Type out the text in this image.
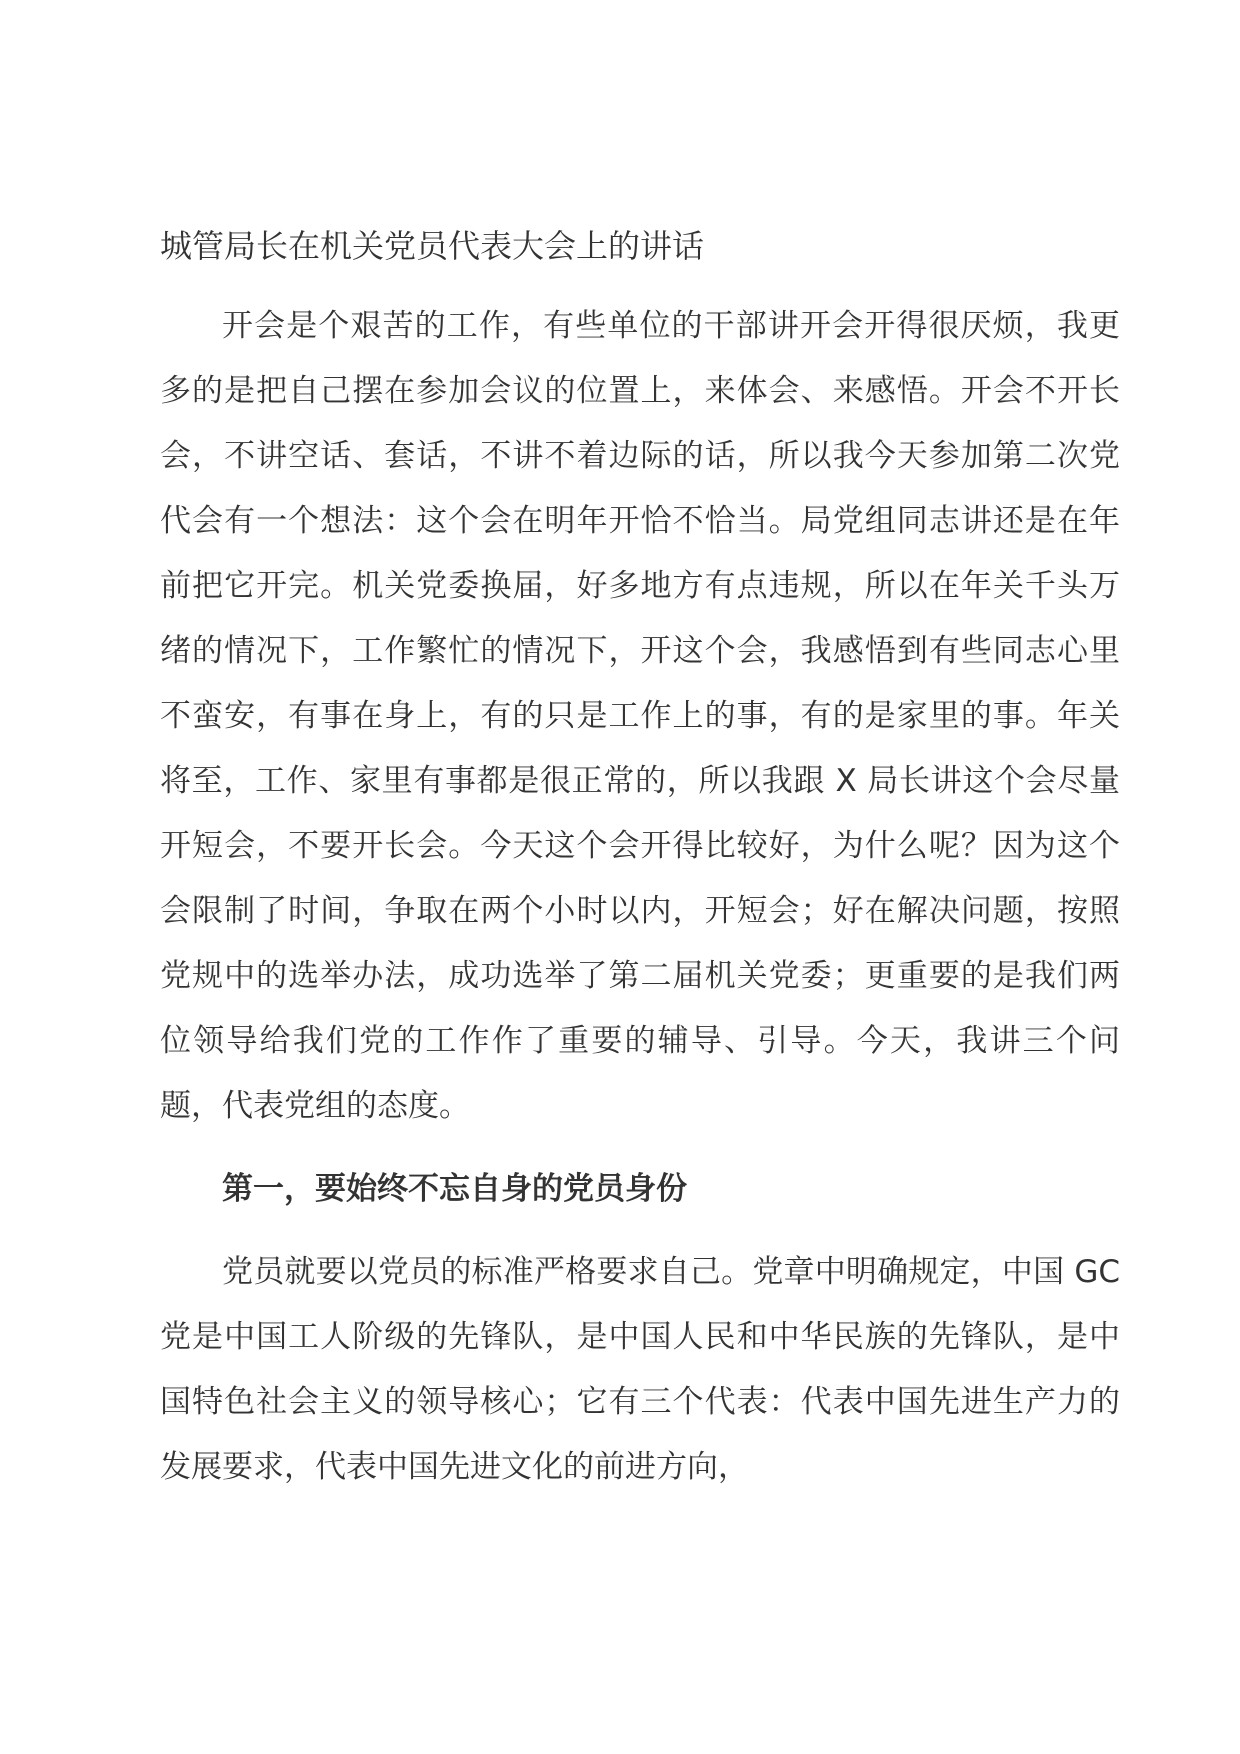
城管局长在机关党员代表大会上的讲话

开会是个艰苦的工作，有些单位的干部讲开会开得很厌烦，我更多的是把自己摆在参加会议的位置上，来体会、来感悟。开会不开长会，不讲空话、套话，不讲不着边际的话，所以我今天参加第二次党代会有一个想法：这个会在明年开恰不恰当。局党组同志讲还是在年前把它开完。机关党委换届，好多地方有点违规，所以在年关千头万绪的情况下，工作繁忙的情况下，开这个会，我感悟到有些同志心里不蛮安，有事在身上，有的只是工作上的事，有的是家里的事。年关将至，工作、家里有事都是很正常的，所以我跟 X 局长讲这个会尽量开短会，不要开长会。今天这个会开得比较好，为什么呢？因为这个会限制了时间，争取在两个小时以内，开短会；好在解决问题，按照党规中的选举办法，成功选举了第二届机关党委；更重要的是我们两位领导给我们党的工作作了重要的辅导、引导。今天，我讲三个问题，代表党组的态度。

第一，要始终不忘自身的党员身份

党员就要以党员的标准严格要求自己。党章中明确规定，中国 GC 党是中国工人阶级的先锋队，是中国人民和中华民族的先锋队，是中国特色社会主义的领导核心；它有三个代表：代表中国先进生产力的发展要求，代表中国先进文化的前进方向，
